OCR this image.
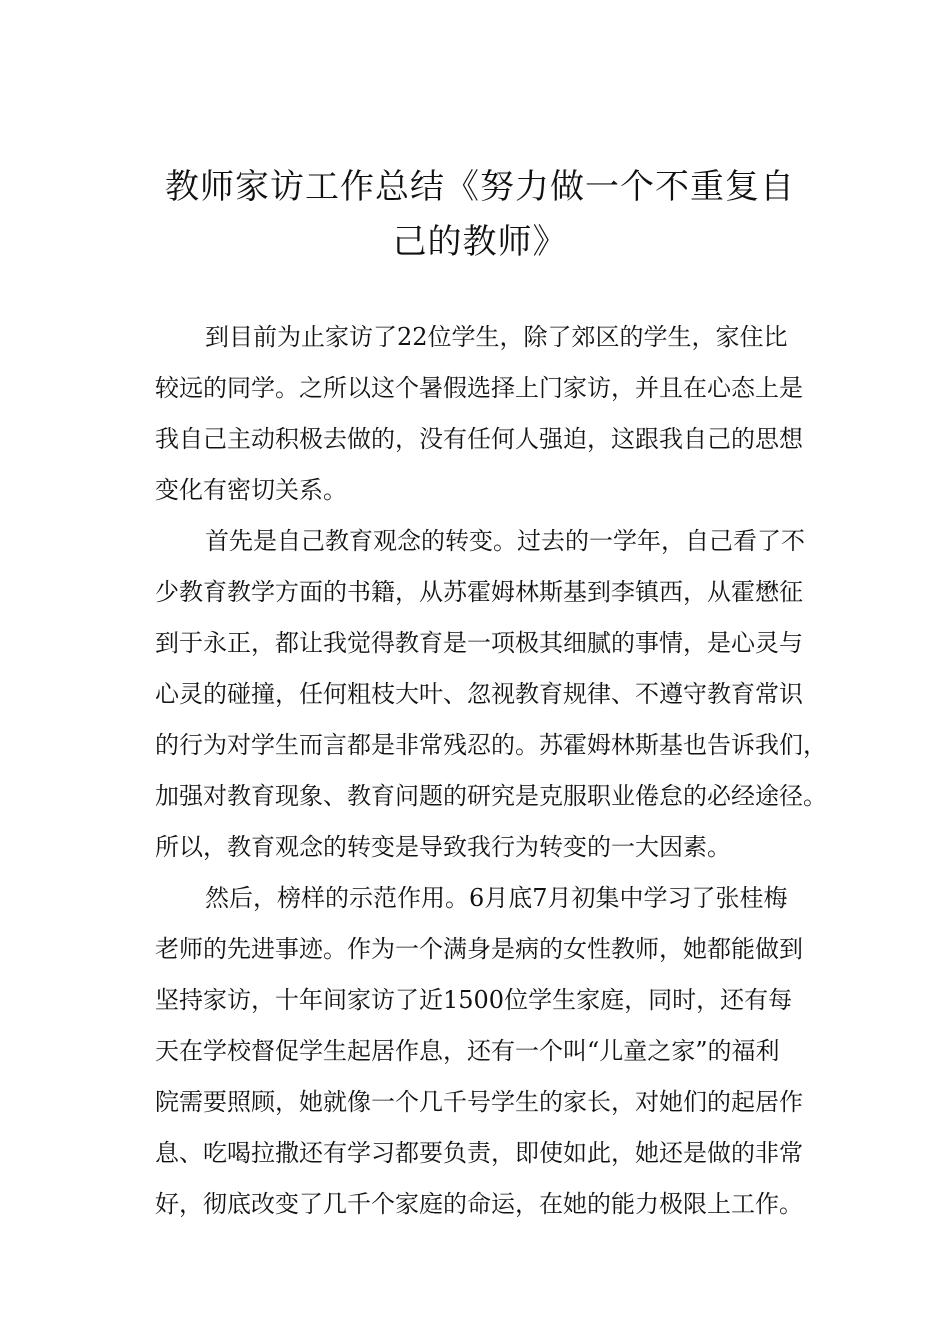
教师家访工作总结《努力做一个不重复自
己的教师》

到目前为止家访了22位学生，除了郊区的学生，家住比
较远的同学。之所以这个暑假选择上门家访，并且在心态上是
我自己主动积极去做的，没有任何人强迫，这跟我自己的思想
变化有密切关系。

首先是自己教育观念的转变。过去的一学年，自己看了不
少教育教学方面的书籍，从苏霍姆林斯基到李镇西，从霍懋征
到于永正，都让我觉得教育是一项极其细腻的事情，是心灵与
心灵的碰撞，任何粗枝大叶、忽视教育规律、不遵守教育常识
的行为对学生而言都是非常残忍的。苏霍姆林斯基也告诉我们，
加强对教育现象、教育问题的研究是克服职业倦怠的必经途径。
所以，教育观念的转变是导致我行为转变的一大因素。

然后，榜样的示范作用。6月底7月初集中学习了张桂梅
老师的先进事迹。作为一个满身是病的女性教师，她都能做到
坚持家访，十年间家访了近1500位学生家庭，同时，还有每
天在学校督促学生起居作息，还有一个叫“儿童之家”的福利
院需要照顾，她就像一个几千号学生的家长，对她们的起居作
息、吃喝拉撒还有学习都要负责，即使如此，她还是做的非常
好，彻底改变了几千个家庭的命运，在她的能力极限上工作。
